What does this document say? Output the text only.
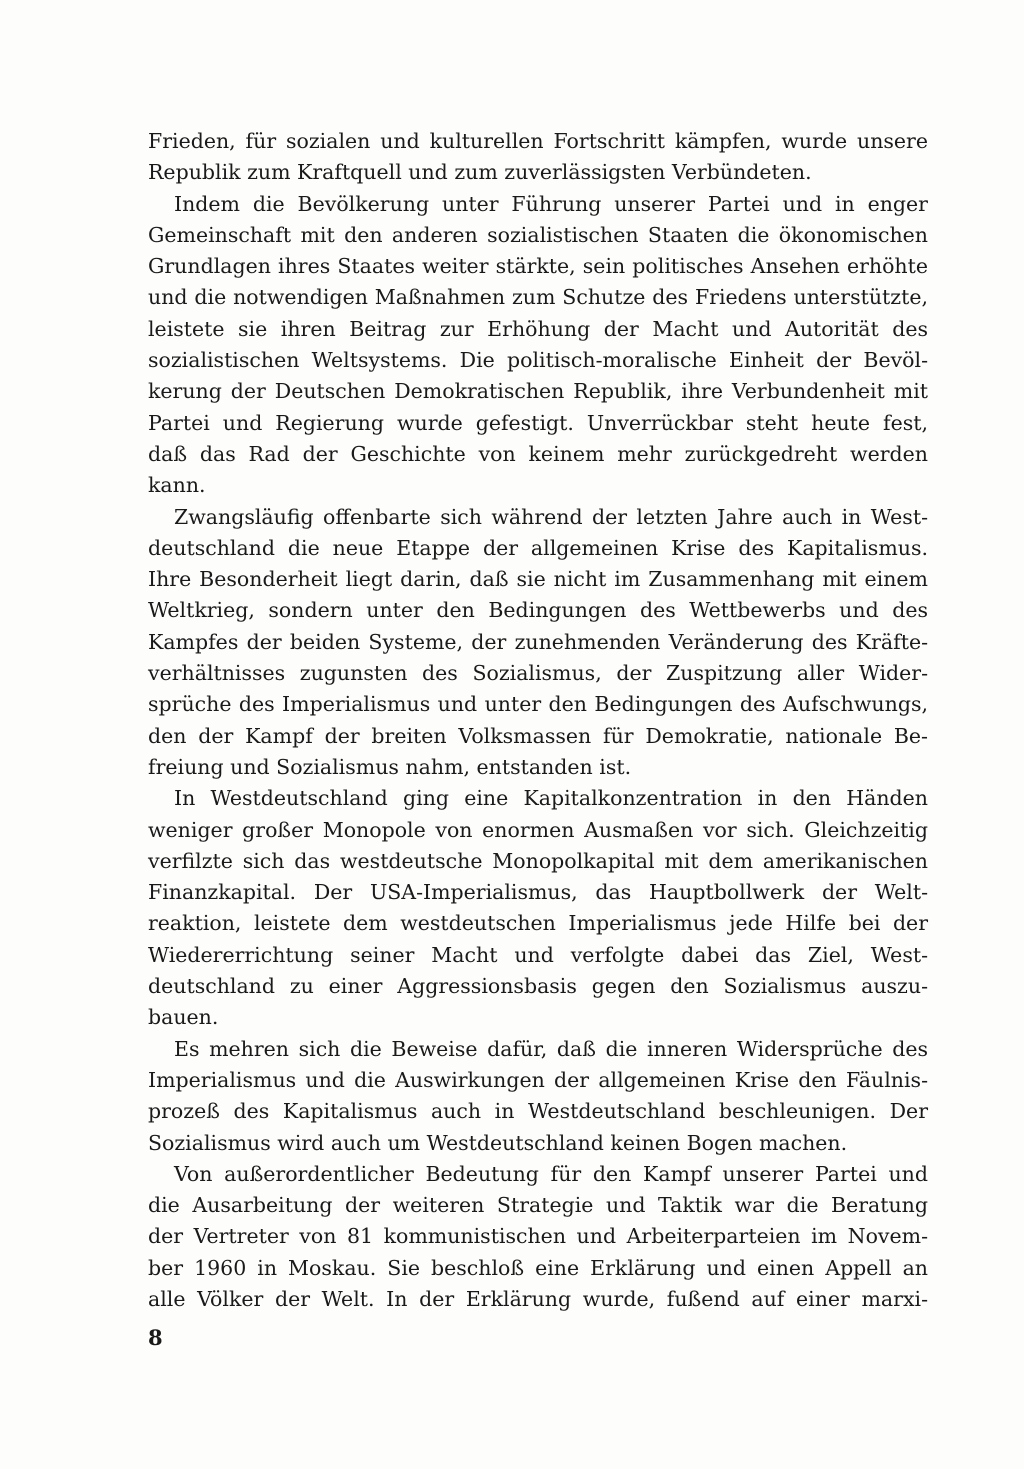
Frieden, für sozialen und kulturellen Fortschritt kämpfen, wurde unsere
Republik zum Kraftquell und zum zuverlässigsten Verbündeten.
Indem die Bevölkerung unter Führung unserer Partei und in enger
Gemeinschaft mit den anderen sozialistischen Staaten die ökonomischen
Grundlagen ihres Staates weiter stärkte, sein politisches Ansehen erhöhte
und die notwendigen Maßnahmen zum Schutze des Friedens unterstützte,
leistete sie ihren Beitrag zur Erhöhung der Macht und Autorität des
sozialistischen Weltsystems. Die politisch-moralische Einheit der Bevöl-
kerung der Deutschen Demokratischen Republik, ihre Verbundenheit mit
Partei und Regierung wurde gefestigt. Unverrückbar steht heute fest,
daß das Rad der Geschichte von keinem mehr zurückgedreht werden
kann.
Zwangsläufig offenbarte sich während der letzten Jahre auch in West-
deutschland die neue Etappe der allgemeinen Krise des Kapitalismus.
Ihre Besonderheit liegt darin, daß sie nicht im Zusammenhang mit einem
Weltkrieg, sondern unter den Bedingungen des Wettbewerbs und des
Kampfes der beiden Systeme, der zunehmenden Veränderung des Kräfte-
verhältnisses zugunsten des Sozialismus, der Zuspitzung aller Wider-
sprüche des Imperialismus und unter den Bedingungen des Aufschwungs,
den der Kampf der breiten Volksmassen für Demokratie, nationale Be-
freiung und Sozialismus nahm, entstanden ist.
In Westdeutschland ging eine Kapitalkonzentration in den Händen
weniger großer Monopole von enormen Ausmaßen vor sich. Gleichzeitig
verfilzte sich das westdeutsche Monopolkapital mit dem amerikanischen
Finanzkapital. Der USA-Imperialismus, das Hauptbollwerk der Welt-
reaktion, leistete dem westdeutschen Imperialismus jede Hilfe bei der
Wiedererrichtung seiner Macht und verfolgte dabei das Ziel, West-
deutschland zu einer Aggressionsbasis gegen den Sozialismus auszu-
bauen.
Es mehren sich die Beweise dafür, daß die inneren Widersprüche des
Imperialismus und die Auswirkungen der allgemeinen Krise den Fäulnis-
prozeß des Kapitalismus auch in Westdeutschland beschleunigen. Der
Sozialismus wird auch um Westdeutschland keinen Bogen machen.
Von außerordentlicher Bedeutung für den Kampf unserer Partei und
die Ausarbeitung der weiteren Strategie und Taktik war die Beratung
der Vertreter von 81 kommunistischen und Arbeiterparteien im Novem-
ber 1960 in Moskau. Sie beschloß eine Erklärung und einen Appell an
alle Völker der Welt. In der Erklärung wurde, fußend auf einer marxi-
8
